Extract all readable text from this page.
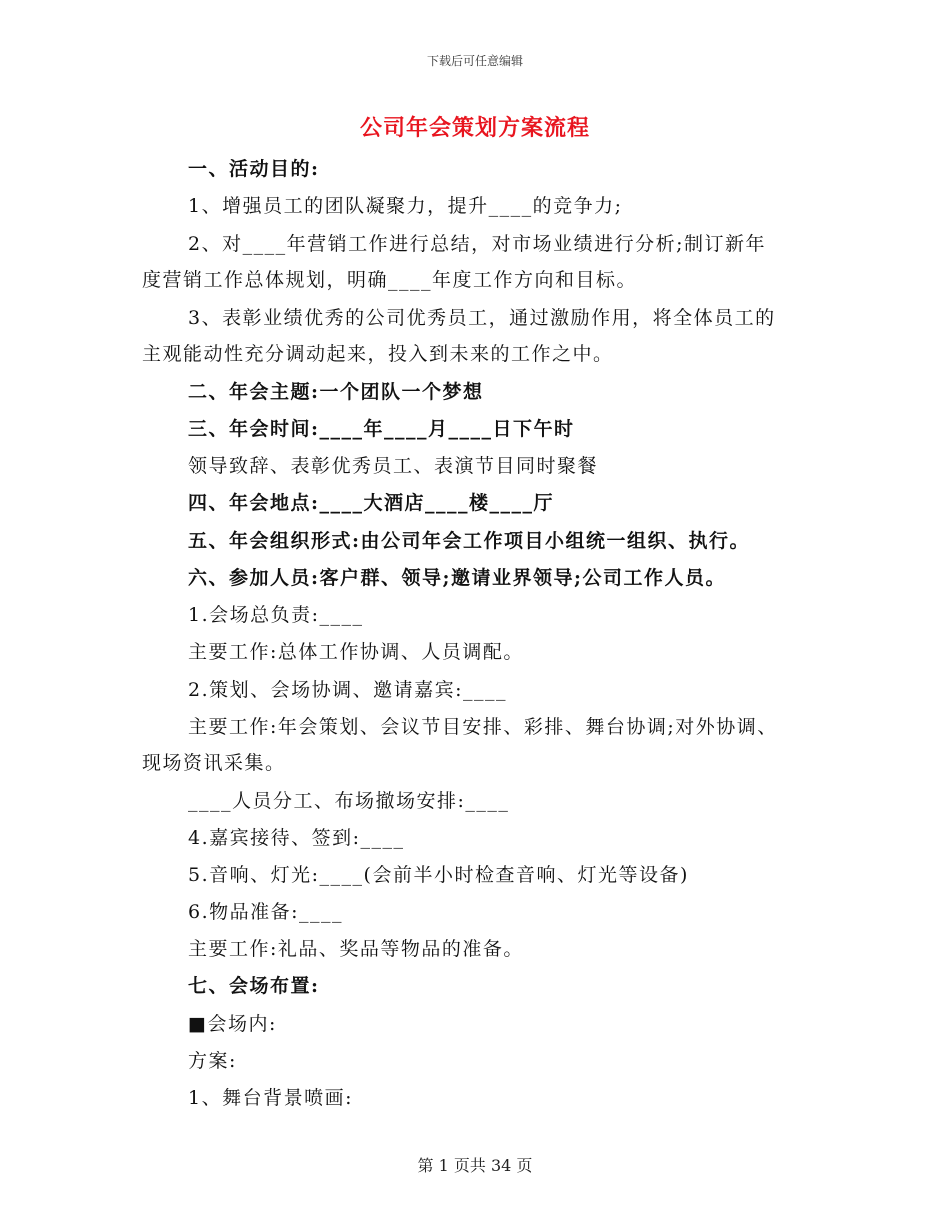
下载后可任意编辑
公司年会策划方案流程
一、活动目的:
1、增强员工的团队凝聚力，提升____的竞争力;
2、对____年营销工作进行总结，对市场业绩进行分析;制订新年
度营销工作总体规划，明确____年度工作方向和目标。
3、表彰业绩优秀的公司优秀员工，通过激励作用，将全体员工的
主观能动性充分调动起来，投入到未来的工作之中。
二、年会主题:一个团队一个梦想
三、年会时间:____年____月____日下午时
领导致辞、表彰优秀员工、表演节目同时聚餐
四、年会地点:____大酒店____楼____厅
五、年会组织形式:由公司年会工作项目小组统一组织、执行。
六、参加人员:客户群、领导;邀请业界领导;公司工作人员。
1.会场总负责:____
主要工作:总体工作协调、人员调配。
2.策划、会场协调、邀请嘉宾:____
主要工作:年会策划、会议节目安排、彩排、舞台协调;对外协调、
现场资讯采集。
____人员分工、布场撤场安排:____
4.嘉宾接待、签到:____
5.音响、灯光:____(会前半小时检查音响、灯光等设备)
6.物品准备:____
主要工作:礼品、奖品等物品的准备。
七、会场布置:
■会场内:
方案:
1、舞台背景喷画:
第 1 页共 34 页
